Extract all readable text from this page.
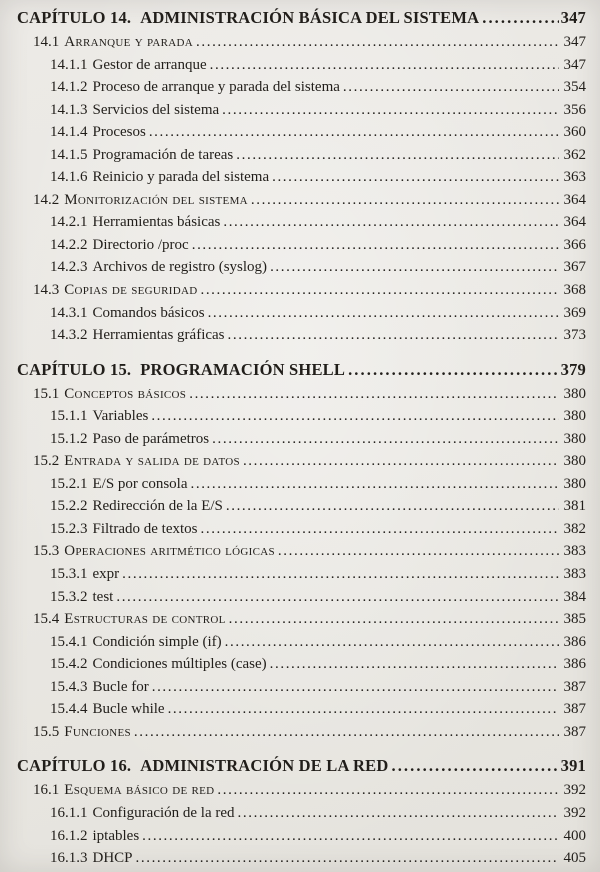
CAPÍTULO 14. ADMINISTRACIÓN BÁSICA DEL SISTEMA .....	347
14.1 Arranque y parada .....	347
14.1.1 Gestor de arranque .....	347
14.1.2 Proceso de arranque y parada del sistema .....	354
14.1.3 Servicios del sistema .....	356
14.1.4 Procesos .....	360
14.1.5 Programación de tareas .....	362
14.1.6 Reinicio y parada del sistema .....	363
14.2 Monitorización del sistema .....	364
14.2.1 Herramientas básicas .....	364
14.2.2 Directorio /proc .....	366
14.2.3 Archivos de registro (syslog) .....	367
14.3 Copias de seguridad .....	368
14.3.1 Comandos básicos .....	369
14.3.2 Herramientas gráficas .....	373
CAPÍTULO 15. PROGRAMACIÓN SHELL .....	379
15.1 Conceptos básicos .....	380
15.1.1 Variables .....	380
15.1.2 Paso de parámetros .....	380
15.2 Entrada y salida de datos .....	380
15.2.1 E/S por consola .....	380
15.2.2 Redirección de la E/S .....	381
15.2.3 Filtrado de textos .....	382
15.3 Operaciones aritmético lógicas .....	383
15.3.1 expr .....	383
15.3.2 test .....	384
15.4 Estructuras de control .....	385
15.4.1 Condición simple (if) .....	386
15.4.2 Condiciones múltiples (case) .....	386
15.4.3 Bucle for .....	387
15.4.4 Bucle while .....	387
15.5 Funciones .....	387
CAPÍTULO 16. ADMINISTRACIÓN DE LA RED .....	391
16.1 Esquema básico de red .....	392
16.1.1 Configuración de la red .....	392
16.1.2 iptables .....	400
16.1.3 DHCP .....	405
